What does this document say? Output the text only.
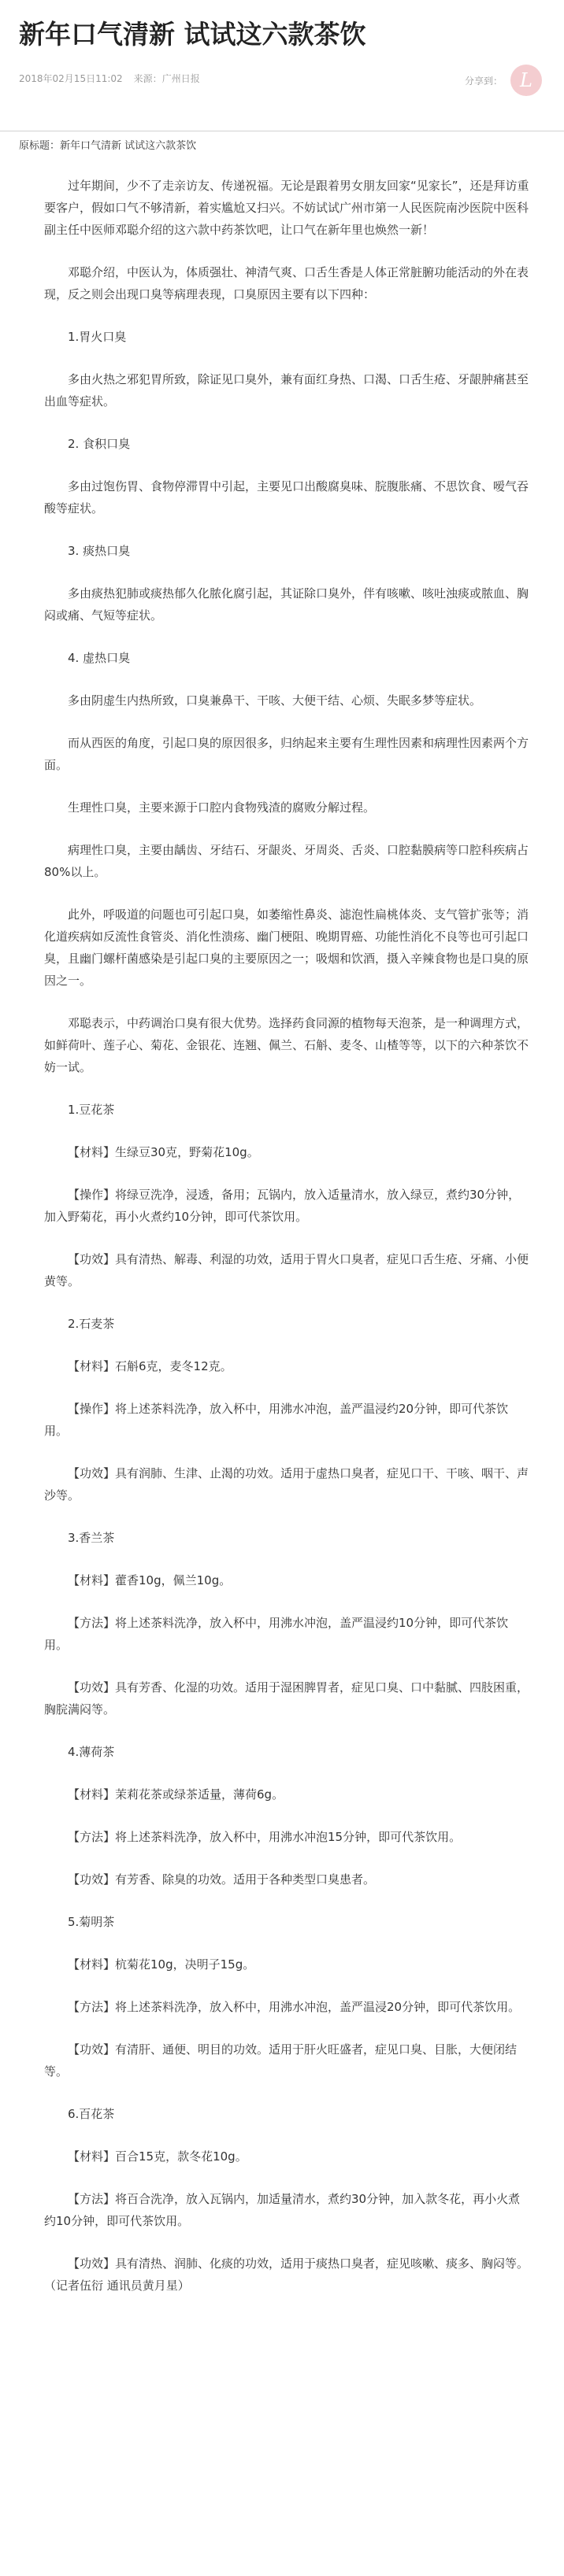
新年口气清新 试试这六款茶饮
2018年02月15日11:02 来源：广州日报	分享到： L
原标题：新年口气清新 试试这六款茶饮

过年期间，少不了走亲访友、传递祝福。无论是跟着男女朋友回家“见家长”，还是拜访重要客户，假如口气不够清新，着实尴尬又扫兴。不妨试试广州市第一人民医院南沙医院中医科副主任中医师邓聪介绍的这六款中药茶饮吧，让口气在新年里也焕然一新！

邓聪介绍，中医认为，体质强壮、神清气爽、口舌生香是人体正常脏腑功能活动的外在表现，反之则会出现口臭等病理表现，口臭原因主要有以下四种：

1.胃火口臭

多由火热之邪犯胃所致，除证见口臭外，兼有面红身热、口渴、口舌生疮、牙龈肿痛甚至出血等症状。

2. 食积口臭

多由过饱伤胃、食物停滞胃中引起，主要见口出酸腐臭味、脘腹胀痛、不思饮食、嗳气吞酸等症状。

3. 痰热口臭

多由痰热犯肺或痰热郁久化脓化腐引起，其证除口臭外，伴有咳嗽、咳吐浊痰或脓血、胸闷或痛、气短等症状。

4. 虚热口臭

多由阴虚生内热所致，口臭兼鼻干、干咳、大便干结、心烦、失眠多梦等症状。

而从西医的角度，引起口臭的原因很多，归纳起来主要有生理性因素和病理性因素两个方面。

生理性口臭，主要来源于口腔内食物残渣的腐败分解过程。

病理性口臭，主要由龋齿、牙结石、牙龈炎、牙周炎、舌炎、口腔黏膜病等口腔科疾病占80%以上。

此外，呼吸道的问题也可引起口臭，如萎缩性鼻炎、滤泡性扁桃体炎、支气管扩张等；消化道疾病如反流性食管炎、消化性溃疡、幽门梗阻、晚期胃癌、功能性消化不良等也可引起口臭，且幽门螺杆菌感染是引起口臭的主要原因之一；吸烟和饮酒，摄入辛辣食物也是口臭的原因之一。

邓聪表示，中药调治口臭有很大优势。选择药食同源的植物每天泡茶，是一种调理方式，如鲜荷叶、莲子心、菊花、金银花、连翘、佩兰、石斛、麦冬、山楂等等，以下的六种茶饮不妨一试。

1.豆花茶

【材料】生绿豆30克，野菊花10g。

【操作】将绿豆洗净，浸透，备用；瓦锅内，放入适量清水，放入绿豆，煮约30分钟，加入野菊花，再小火煮约10分钟，即可代茶饮用。

【功效】具有清热、解毒、利湿的功效，适用于胃火口臭者，症见口舌生疮、牙痛、小便黄等。

2.石麦茶

【材料】石斛6克，麦冬12克。

【操作】将上述茶料洗净，放入杯中，用沸水冲泡，盖严温浸约20分钟，即可代茶饮用。

【功效】具有润肺、生津、止渴的功效。适用于虚热口臭者，症见口干、干咳、咽干、声沙等。

3.香兰茶

【材料】藿香10g，佩兰10g。

【方法】将上述茶料洗净，放入杯中，用沸水冲泡，盖严温浸约10分钟，即可代茶饮用。

【功效】具有芳香、化湿的功效。适用于湿困脾胃者，症见口臭、口中黏腻、四肢困重，胸脘满闷等。

4.薄荷茶

【材料】茉莉花茶或绿茶适量，薄荷6g。

【方法】将上述茶料洗净，放入杯中，用沸水冲泡15分钟，即可代茶饮用。

【功效】有芳香、除臭的功效。适用于各种类型口臭患者。

5.菊明茶

【材料】杭菊花10g，决明子15g。

【方法】将上述茶料洗净，放入杯中，用沸水冲泡，盖严温浸20分钟，即可代茶饮用。

【功效】有清肝、通便、明目的功效。适用于肝火旺盛者，症见口臭、目胀，大便闭结等。

6.百花茶

【材料】百合15克，款冬花10g。

【方法】将百合洗净，放入瓦锅内，加适量清水，煮约30分钟，加入款冬花，再小火煮约10分钟，即可代茶饮用。

【功效】具有清热、润肺、化痰的功效，适用于痰热口臭者，症见咳嗽、痰多、胸闷等。（记者伍衍 通讯员黄月星）
